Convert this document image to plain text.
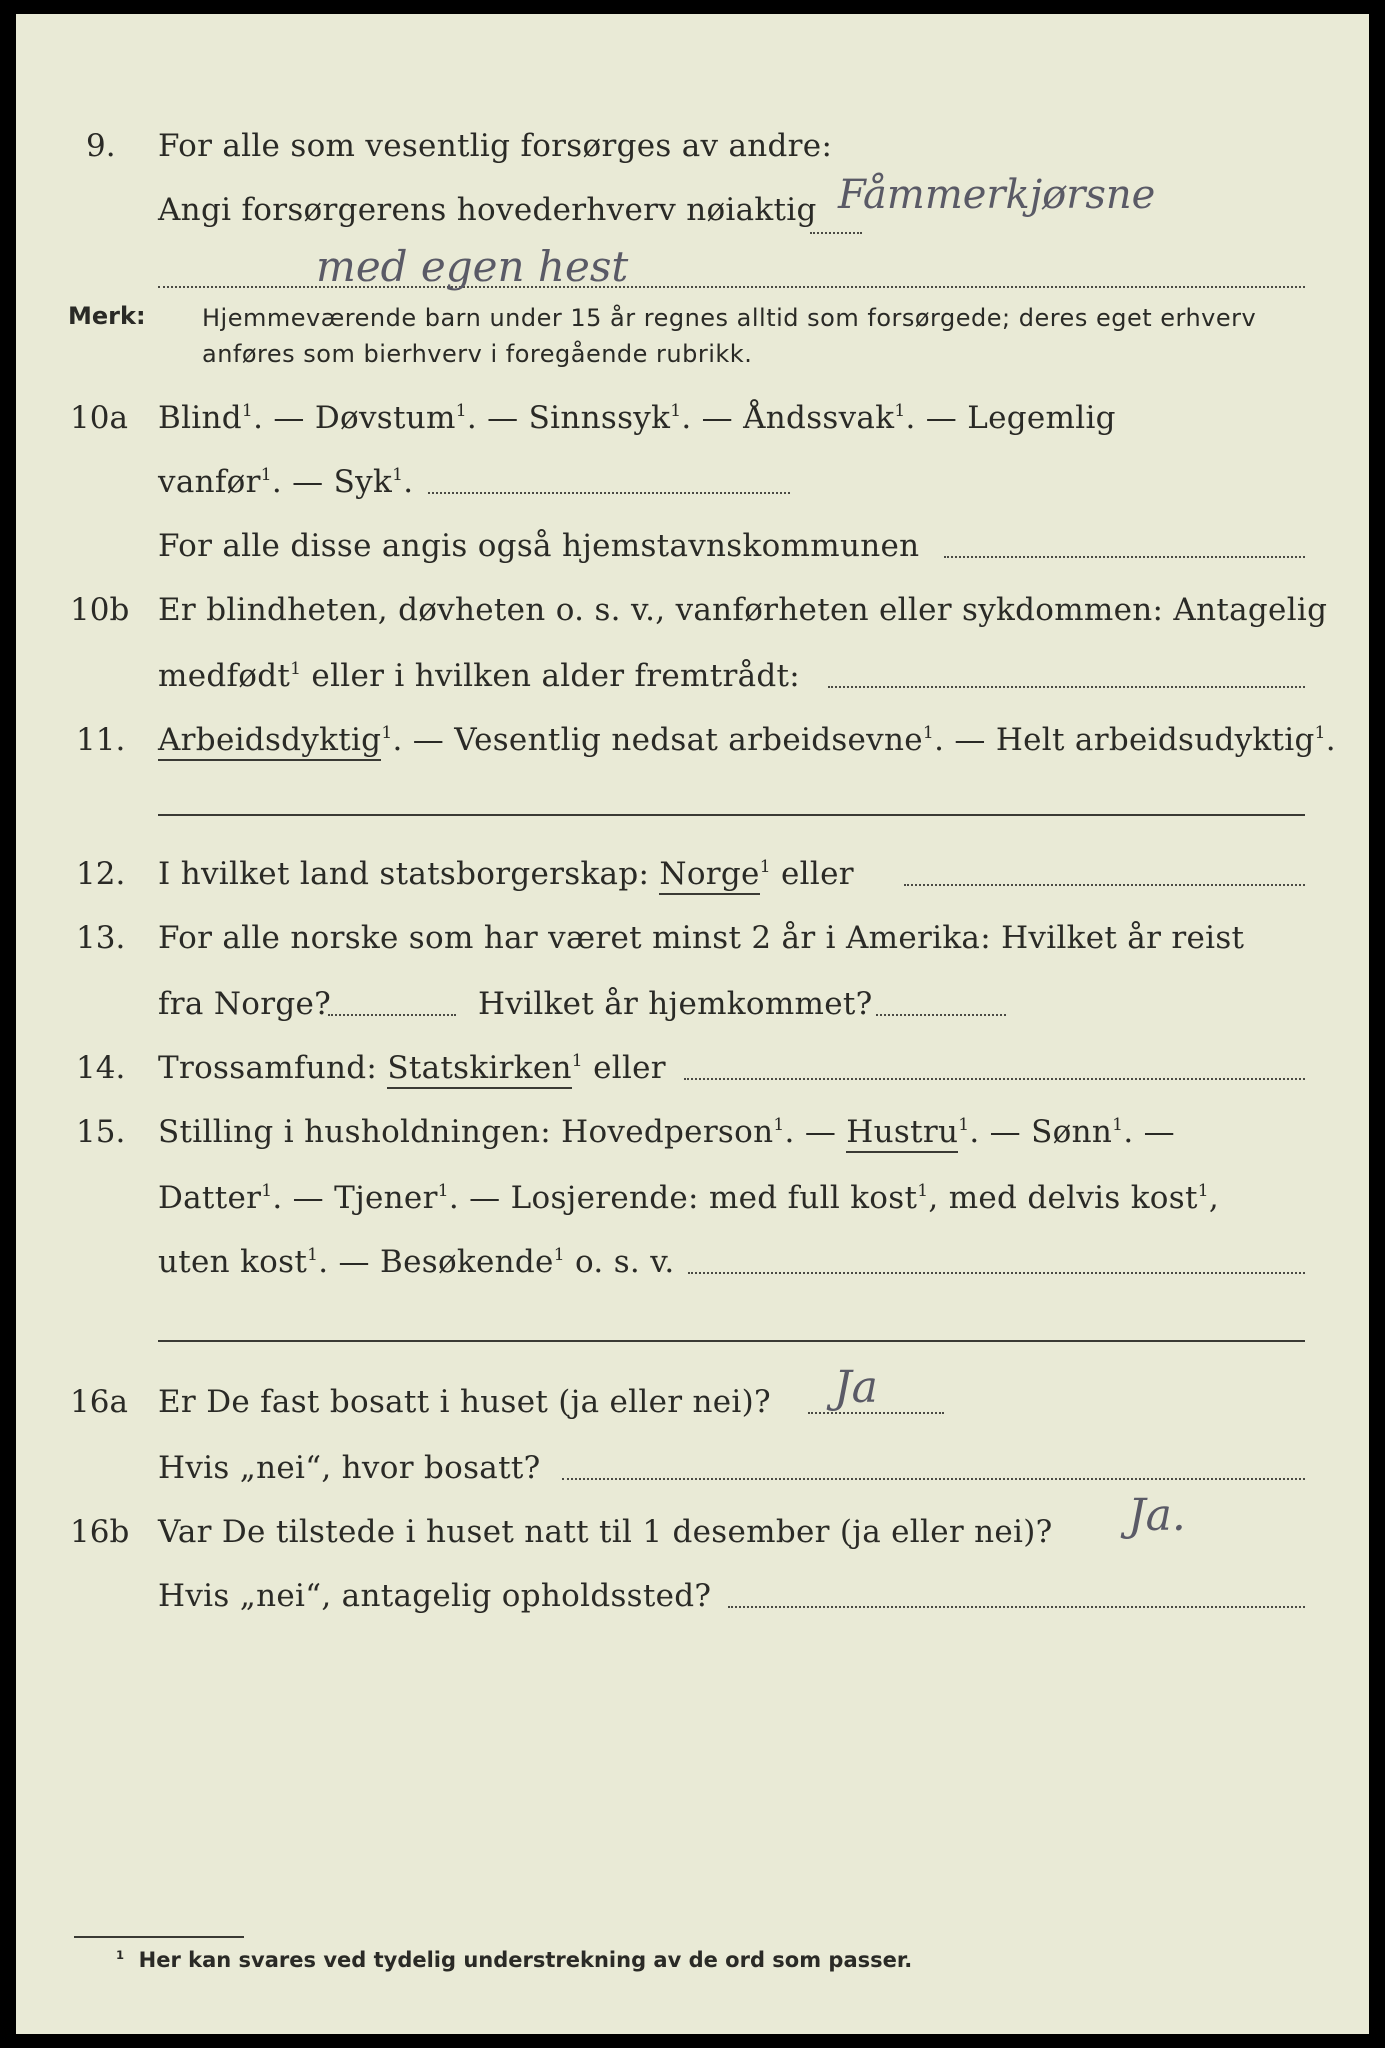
9. For alle som vesentlig forsørges av andre:
Angi forsørgerens hovederhverv nøiaktig Fåmmerkjørsne
med egen hest
Merk: Hjemmeværende barn under 15 år regnes alltid som forsørgede; deres eget erhverv
anføres som bierhverv i foregående rubrikk.
10a Blind$^1$. — Døvstum$^1$. — Sinnssyk$^1$. — Åndssvak$^1$. — Legemlig
vanfør$^1$. — Syk$^1$.
For alle disse angis også hjemstavnskommunen
10b Er blindheten, døvheten o. s. v., vanførheten eller sykdommen: Antagelig
medfødt$^1$ eller i hvilken alder fremtrådt:
11. Arbeidsdyktig$^1$. — Vesentlig nedsat arbeidsevne$^1$. — Helt arbeidsudyktig$^1$.
12. I hvilket land statsborgerskap: Norge$^1$ eller
13. For alle norske som har været minst 2 år i Amerika: Hvilket år reist
fra Norge?	Hvilket år hjemkommet?
14. Trossamfund: Statskirken$^1$ eller
15. Stilling i husholdningen: Hovedperson$^1$. — Hustru$^1$. — Sønn$^1$. —
Datter$^1$. — Tjener$^1$. — Losjerende: med full kost$^1$, med delvis kost$^1$,
uten kost$^1$. — Besøkende$^1$ o. s. v.
16a Er De fast bosatt i huset (ja eller nei)? Ja
Hvis „nei“, hvor bosatt?
16b Var De tilstede i huset natt til 1 desember (ja eller nei)? Ja.
Hvis „nei“, antagelig opholdssted?
$^1$ Her kan svares ved tydelig understrekning av de ord som passer.
